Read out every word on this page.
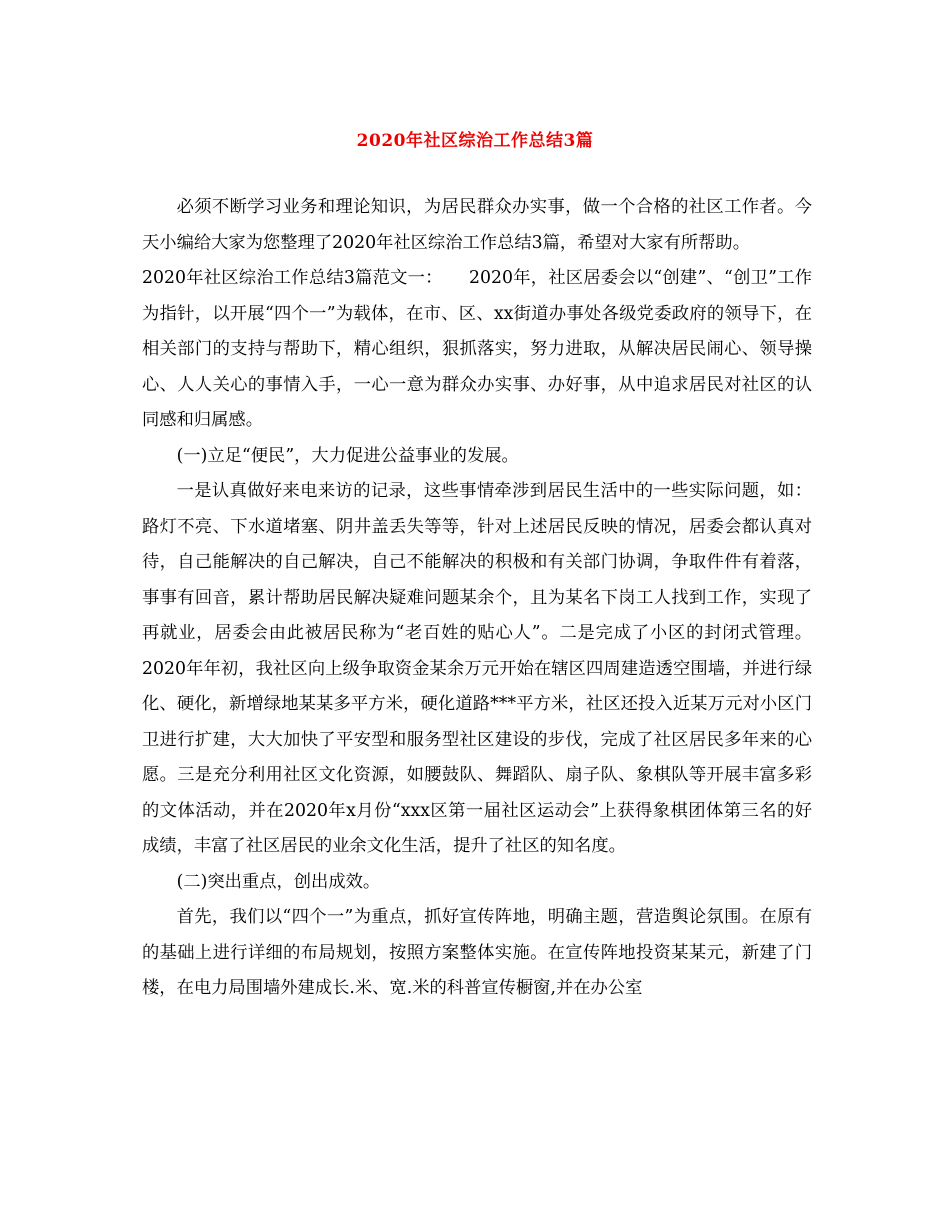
2020年社区综治工作总结3篇

必须不断学习业务和理论知识，为居民群众办实事，做一个合格的社区工作者。今天小编给大家为您整理了2020年社区综治工作总结3篇，希望对大家有所帮助。

2020年社区综治工作总结3篇范文一：　　2020年，社区居委会以“创建”、“创卫”工作为指针，以开展“四个一”为载体，在市、区、xx街道办事处各级党委政府的领导下，在相关部门的支持与帮助下，精心组织，狠抓落实，努力进取，从解决居民闹心、领导操心、人人关心的事情入手，一心一意为群众办实事、办好事，从中追求居民对社区的认同感和归属感。

(一)立足“便民”，大力促进公益事业的发展。

一是认真做好来电来访的记录，这些事情牵涉到居民生活中的一些实际问题，如：路灯不亮、下水道堵塞、阴井盖丢失等等，针对上述居民反映的情况，居委会都认真对待，自己能解决的自己解决，自己不能解决的积极和有关部门协调，争取件件有着落，事事有回音，累计帮助居民解决疑难问题某余个，且为某名下岗工人找到工作，实现了再就业，居委会由此被居民称为“老百姓的贴心人”。二是完成了小区的封闭式管理。2020年年初，我社区向上级争取资金某余万元开始在辖区四周建造透空围墙，并进行绿化、硬化，新增绿地某某多平方米，硬化道路***平方米，社区还投入近某万元对小区门卫进行扩建，大大加快了平安型和服务型社区建设的步伐，完成了社区居民多年来的心愿。三是充分利用社区文化资源，如腰鼓队、舞蹈队、扇子队、象棋队等开展丰富多彩的文体活动，并在2020年x月份“xxx区第一届社区运动会”上获得象棋团体第三名的好成绩，丰富了社区居民的业余文化生活，提升了社区的知名度。

(二)突出重点，创出成效。

首先，我们以“四个一”为重点，抓好宣传阵地，明确主题，营造舆论氛围。在原有的基础上进行详细的布局规划，按照方案整体实施。在宣传阵地投资某某元，新建了门楼，在电力局围墙外建成长.米、宽.米的科普宣传橱窗,并在办公室
